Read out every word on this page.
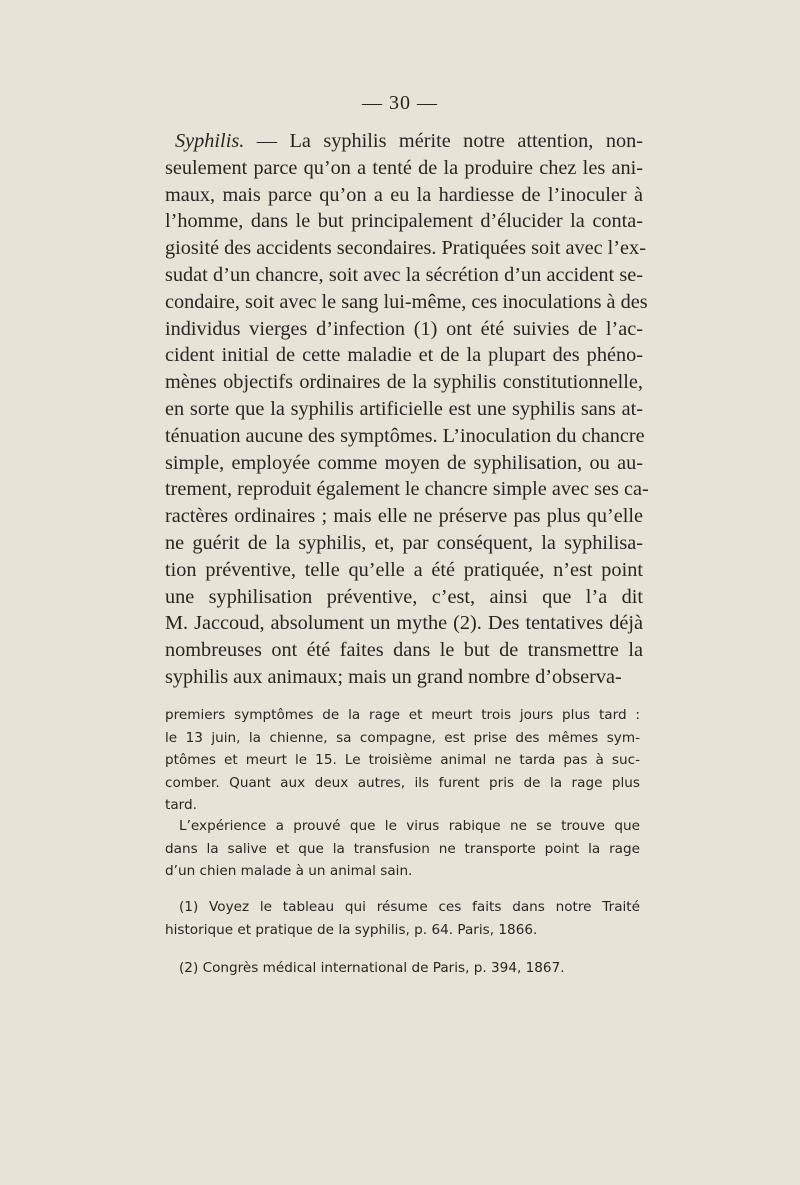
— 30 —
Syphilis. — La syphilis mérite notre attention, non-
seulement parce qu’on a tenté de la produire chez les ani-
maux, mais parce qu’on a eu la hardiesse de l’inoculer à
l’homme, dans le but principalement d’élucider la conta-
giosité des accidents secondaires. Pratiquées soit avec l’ex-
sudat d’un chancre, soit avec la sécrétion d’un accident se-
condaire, soit avec le sang lui-même, ces inoculations à des
individus vierges d’infection (1) ont été suivies de l’ac-
cident initial de cette maladie et de la plupart des phéno-
mènes objectifs ordinaires de la syphilis constitutionnelle,
en sorte que la syphilis artificielle est une syphilis sans at-
ténuation aucune des symptômes. L’inoculation du chancre
simple, employée comme moyen de syphilisation, ou au-
trement, reproduit également le chancre simple avec ses ca-
ractères ordinaires ; mais elle ne préserve pas plus qu’elle
ne guérit de la syphilis, et, par conséquent, la syphilisa-
tion préventive, telle qu’elle a été pratiquée, n’est point
une syphilisation préventive, c’est, ainsi que l’a dit
M. Jaccoud, absolument un mythe (2). Des tentatives déjà
nombreuses ont été faites dans le but de transmettre la
syphilis aux animaux; mais un grand nombre d’observa-
premiers symptômes de la rage et meurt trois jours plus tard :
le 13 juin, la chienne, sa compagne, est prise des mêmes sym-
ptômes et meurt le 15. Le troisième animal ne tarda pas à suc-
comber. Quant aux deux autres, ils furent pris de la rage plus
tard.
L’expérience a prouvé que le virus rabique ne se trouve que
dans la salive et que la transfusion ne transporte point la rage
d’un chien malade à un animal sain.
(1) Voyez le tableau qui résume ces faits dans notre Traité
historique et pratique de la syphilis, p. 64. Paris, 1866.
(2) Congrès médical international de Paris, p. 394, 1867.
